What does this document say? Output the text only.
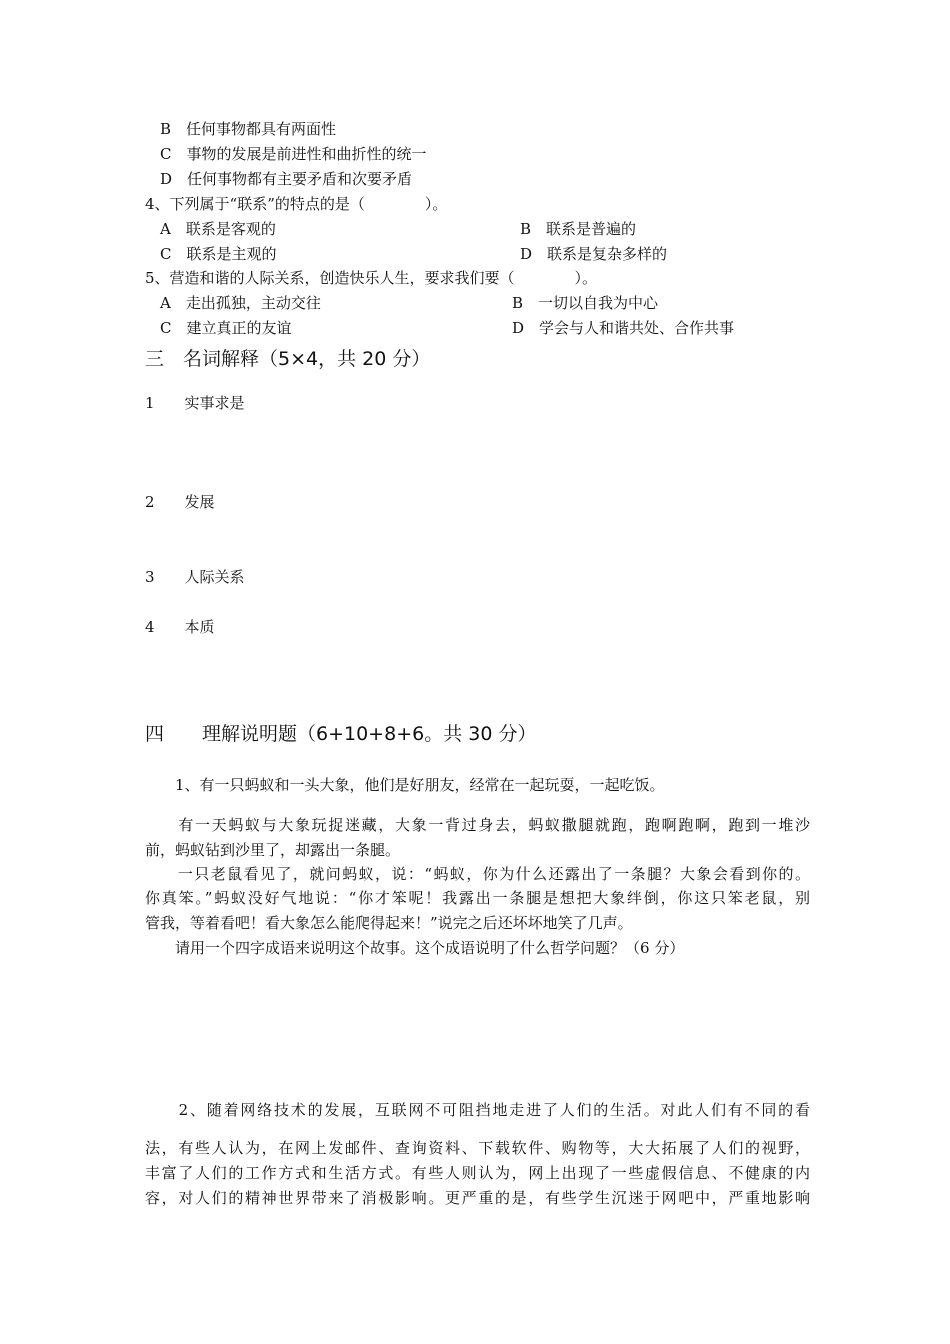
B　任何事物都具有两面性
C　事物的发展是前进性和曲折性的统一
D　任何事物都有主要矛盾和次要矛盾
4、下列属于“联系”的特点的是（　　　　）。
A　联系是客观的	B　联系是普遍的
C　联系是主观的	D　联系是复杂多样的
5、营造和谐的人际关系，创造快乐人生，要求我们要（　　　　）。
A　走出孤独，主动交往	B　一切以自我为中心
C　建立真正的友谊	D　学会与人和谐共处、合作共事
三　名词解释（5×4，共 20 分）
1　　实事求是
2　　发展
3　　人际关系
4　　本质
四　　理解说明题（6+10+8+6。共 30 分）
　　1、有一只蚂蚁和一头大象，他们是好朋友，经常在一起玩耍，一起吃饭。
　　有一天蚂蚁与大象玩捉迷藏，大象一背过身去，蚂蚁撒腿就跑，跑啊跑啊，跑到一堆沙
前，蚂蚁钻到沙里了，却露出一条腿。
　　一只老鼠看见了，就问蚂蚁，说：“蚂蚁，你为什么还露出了一条腿？大象会看到你的。
你真笨。”蚂蚁没好气地说：“你才笨呢！我露出一条腿是想把大象绊倒，你这只笨老鼠，别
管我，等着看吧！看大象怎么能爬得起来！”说完之后还坏坏地笑了几声。
　　请用一个四字成语来说明这个故事。这个成语说明了什么哲学问题？（6 分）
　　2、随着网络技术的发展，互联网不可阻挡地走进了人们的生活。对此人们有不同的看
法，有些人认为，在网上发邮件、查询资料、下载软件、购物等，大大拓展了人们的视野，
丰富了人们的工作方式和生活方式。有些人则认为，网上出现了一些虚假信息、不健康的内
容，对人们的精神世界带来了消极影响。更严重的是，有些学生沉迷于网吧中，严重地影响
